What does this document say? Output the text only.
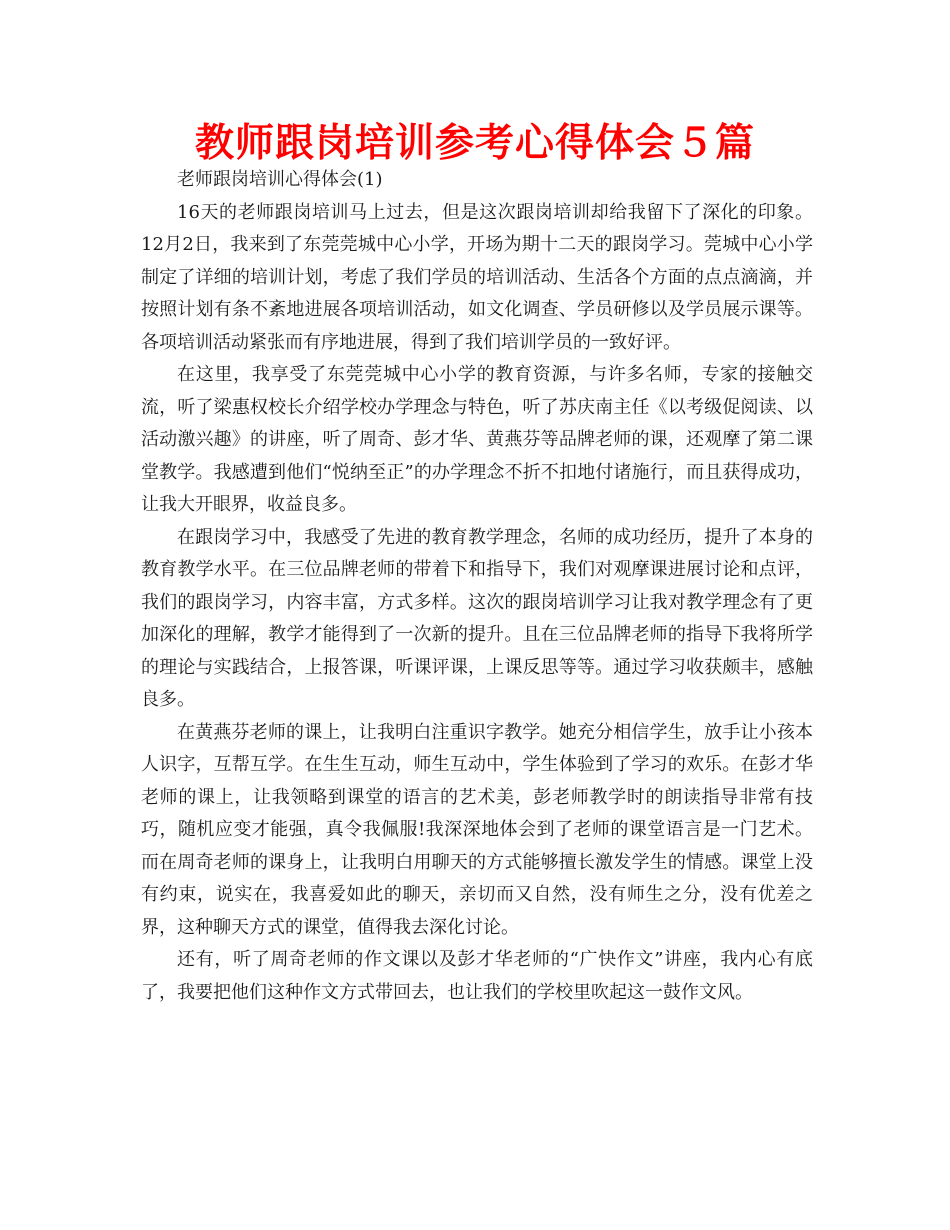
教师跟岗培训参考心得体会５篇

老师跟岗培训心得体会(1)

16天的老师跟岗培训马上过去，但是这次跟岗培训却给我留下了深化的印象。12月2日，我来到了东莞莞城中心小学，开场为期十二天的跟岗学习。莞城中心小学制定了详细的培训计划，考虑了我们学员的培训活动、生活各个方面的点点滴滴，并按照计划有条不紊地进展各项培训活动，如文化调查、学员研修以及学员展示课等。各项培训活动紧张而有序地进展，得到了我们培训学员的一致好评。

在这里，我享受了东莞莞城中心小学的教育资源，与许多名师，专家的接触交流，听了梁惠权校长介绍学校办学理念与特色，听了苏庆南主任《以考级促阅读、以活动激兴趣》的讲座，听了周奇、彭才华、黄燕芬等品牌老师的课，还观摩了第二课堂教学。我感遭到他们“悦纳至正”的办学理念不折不扣地付诸施行，而且获得成功，让我大开眼界，收益良多。

在跟岗学习中，我感受了先进的教育教学理念，名师的成功经历，提升了本身的教育教学水平。在三位品牌老师的带着下和指导下，我们对观摩课进展讨论和点评，我们的跟岗学习，内容丰富，方式多样。这次的跟岗培训学习让我对教学理念有了更加深化的理解，教学才能得到了一次新的提升。且在三位品牌老师的指导下我将所学的理论与实践结合，上报答课，听课评课，上课反思等等。通过学习收获颇丰，感触良多。

在黄燕芬老师的课上，让我明白注重识字教学。她充分相信学生，放手让小孩本人识字，互帮互学。在生生互动，师生互动中，学生体验到了学习的欢乐。在彭才华老师的课上，让我领略到课堂的语言的艺术美，彭老师教学时的朗读指导非常有技巧，随机应变才能强，真令我佩服!我深深地体会到了老师的课堂语言是一门艺术。而在周奇老师的课身上，让我明白用聊天的方式能够擅长激发学生的情感。课堂上没有约束，说实在，我喜爱如此的聊天，亲切而又自然，没有师生之分，没有优差之界，这种聊天方式的课堂，值得我去深化讨论。

还有，听了周奇老师的作文课以及彭才华老师的“广快作文”讲座，我内心有底了，我要把他们这种作文方式带回去，也让我们的学校里吹起这一鼓作文风。
